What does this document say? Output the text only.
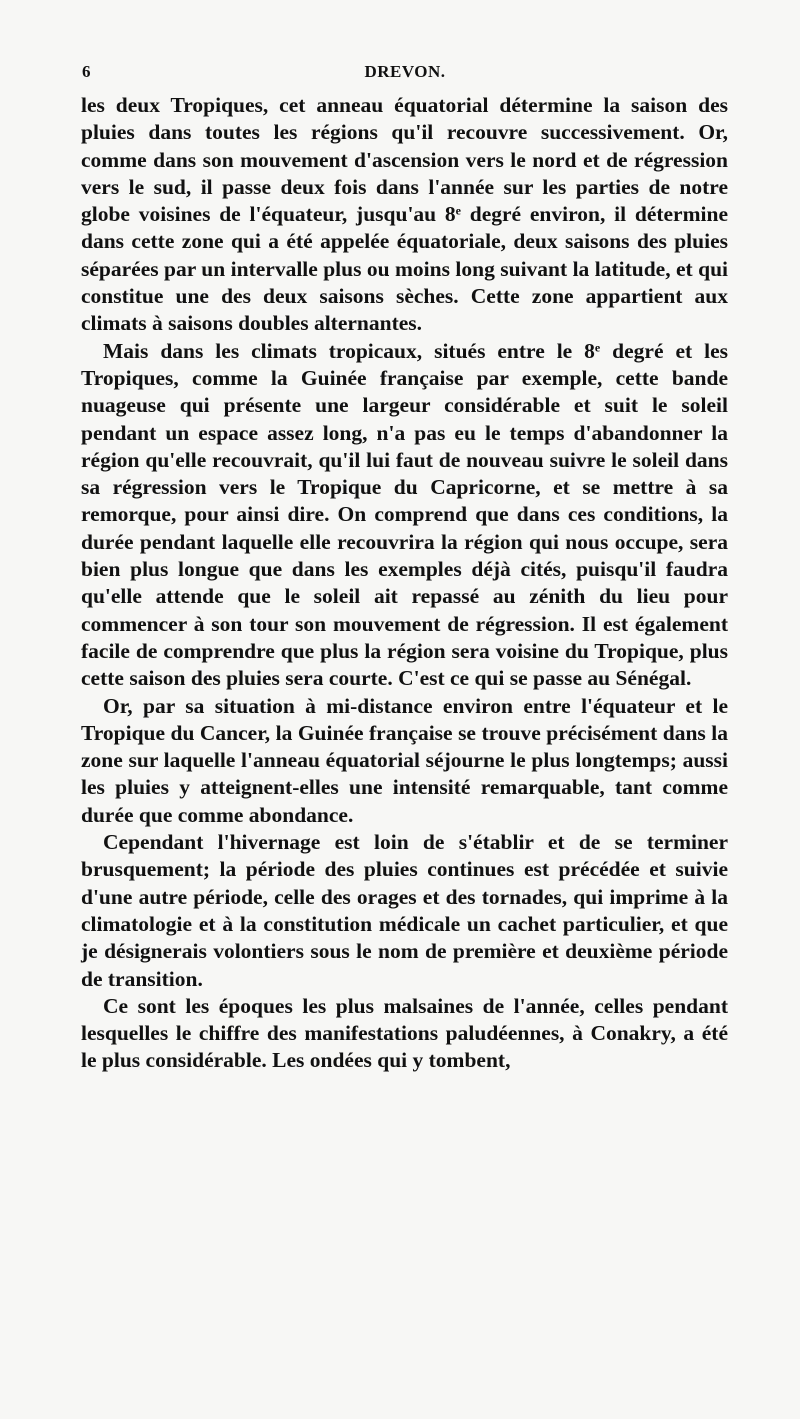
6	DREVON.

les deux Tropiques, cet anneau équatorial détermine la saison des pluies dans toutes les régions qu'il recouvre successivement. Or, comme dans son mouvement d'ascension vers le nord et de régression vers le sud, il passe deux fois dans l'année sur les parties de notre globe voisines de l'équateur, jusqu'au 8e degré environ, il détermine dans cette zone qui a été appelée équatoriale, deux saisons des pluies séparées par un intervalle plus ou moins long suivant la latitude, et qui constitue une des deux saisons sèches. Cette zone appartient aux climats à saisons doubles alternantes.

Mais dans les climats tropicaux, situés entre le 8e degré et les Tropiques, comme la Guinée française par exemple, cette bande nuageuse qui présente une largeur considérable et suit le soleil pendant un espace assez long, n'a pas eu le temps d'abandonner la région qu'elle recouvrait, qu'il lui faut de nouveau suivre le soleil dans sa régression vers le Tropique du Capricorne, et se mettre à sa remorque, pour ainsi dire. On comprend que dans ces conditions, la durée pendant laquelle elle recouvrira la région qui nous occupe, sera bien plus longue que dans les exemples déjà cités, puisqu'il faudra qu'elle attende que le soleil ait repassé au zénith du lieu pour commencer à son tour son mouvement de régression. Il est également facile de comprendre que plus la région sera voisine du Tropique, plus cette saison des pluies sera courte. C'est ce qui se passe au Sénégal.

Or, par sa situation à mi-distance environ entre l'équateur et le Tropique du Cancer, la Guinée française se trouve précisément dans la zone sur laquelle l'anneau équatorial séjourne le plus longtemps; aussi les pluies y atteignent-elles une intensité remarquable, tant comme durée que comme abondance.

Cependant l'hivernage est loin de s'établir et de se terminer brusquement; la période des pluies continues est précédée et suivie d'une autre période, celle des orages et des tornades, qui imprime à la climatologie et à la constitution médicale un cachet particulier, et que je désignerais volontiers sous le nom de première et deuxième période de transition.

Ce sont les époques les plus malsaines de l'année, celles pendant lesquelles le chiffre des manifestations paludéennes, à Conakry, a été le plus considérable. Les ondées qui y tombent,
